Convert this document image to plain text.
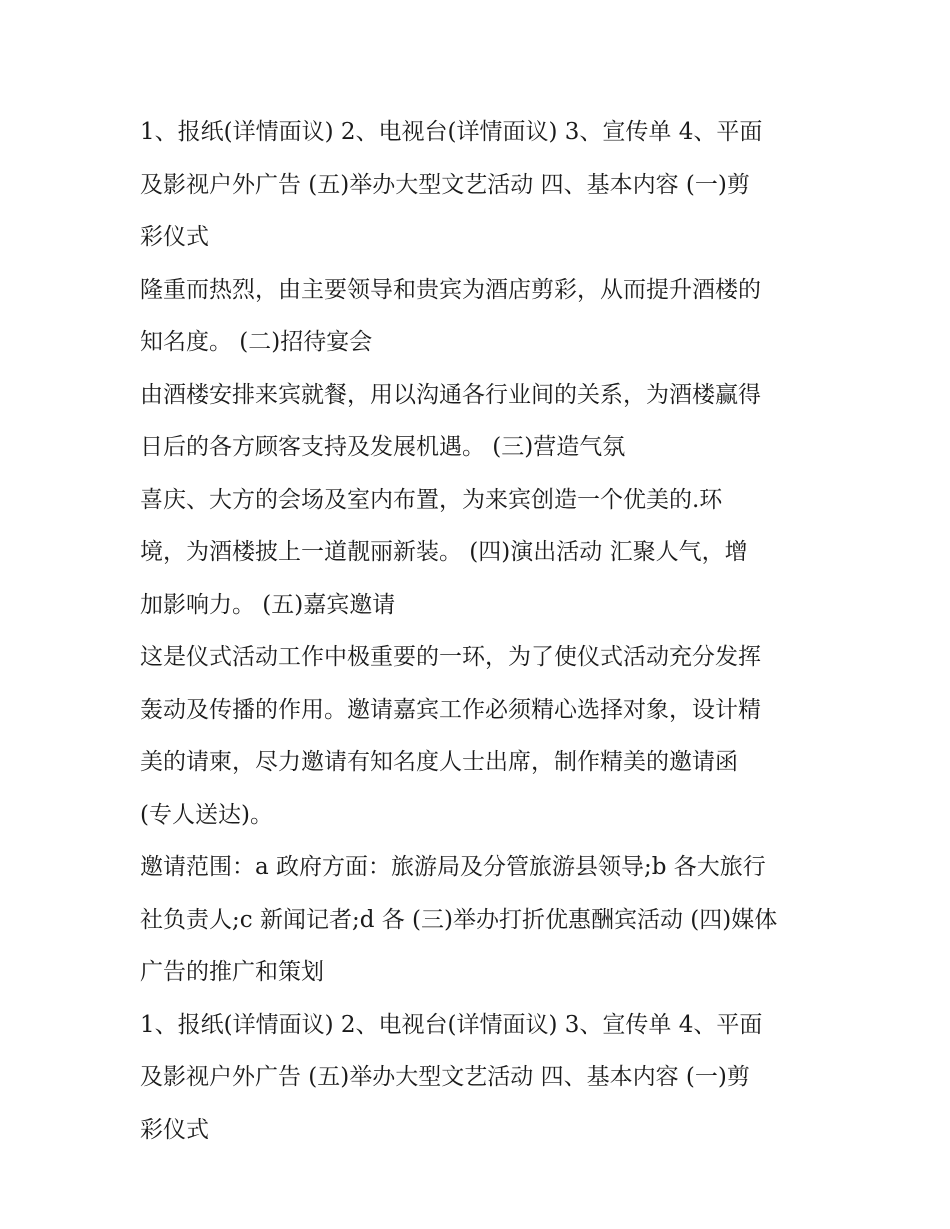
1、报纸(详情面议) 2、电视台(详情面议) 3、宣传单 4、平面
及影视户外广告 (五)举办大型文艺活动 四、基本内容 (一)剪
彩仪式
隆重而热烈，由主要领导和贵宾为酒店剪彩，从而提升酒楼的
知名度。 (二)招待宴会
由酒楼安排来宾就餐，用以沟通各行业间的关系，为酒楼赢得
日后的各方顾客支持及发展机遇。 (三)营造气氛
喜庆、大方的会场及室内布置，为来宾创造一个优美的.环
境，为酒楼披上一道靓丽新装。 (四)演出活动 汇聚人气，增
加影响力。 (五)嘉宾邀请
这是仪式活动工作中极重要的一环，为了使仪式活动充分发挥
轰动及传播的作用。邀请嘉宾工作必须精心选择对象，设计精
美的请柬，尽力邀请有知名度人士出席，制作精美的邀请函
(专人送达)。
邀请范围：a 政府方面：旅游局及分管旅游县领导;b 各大旅行
社负责人;c 新闻记者;d 各 (三)举办打折优惠酬宾活动 (四)媒体
广告的推广和策划
1、报纸(详情面议) 2、电视台(详情面议) 3、宣传单 4、平面
及影视户外广告 (五)举办大型文艺活动 四、基本内容 (一)剪
彩仪式
